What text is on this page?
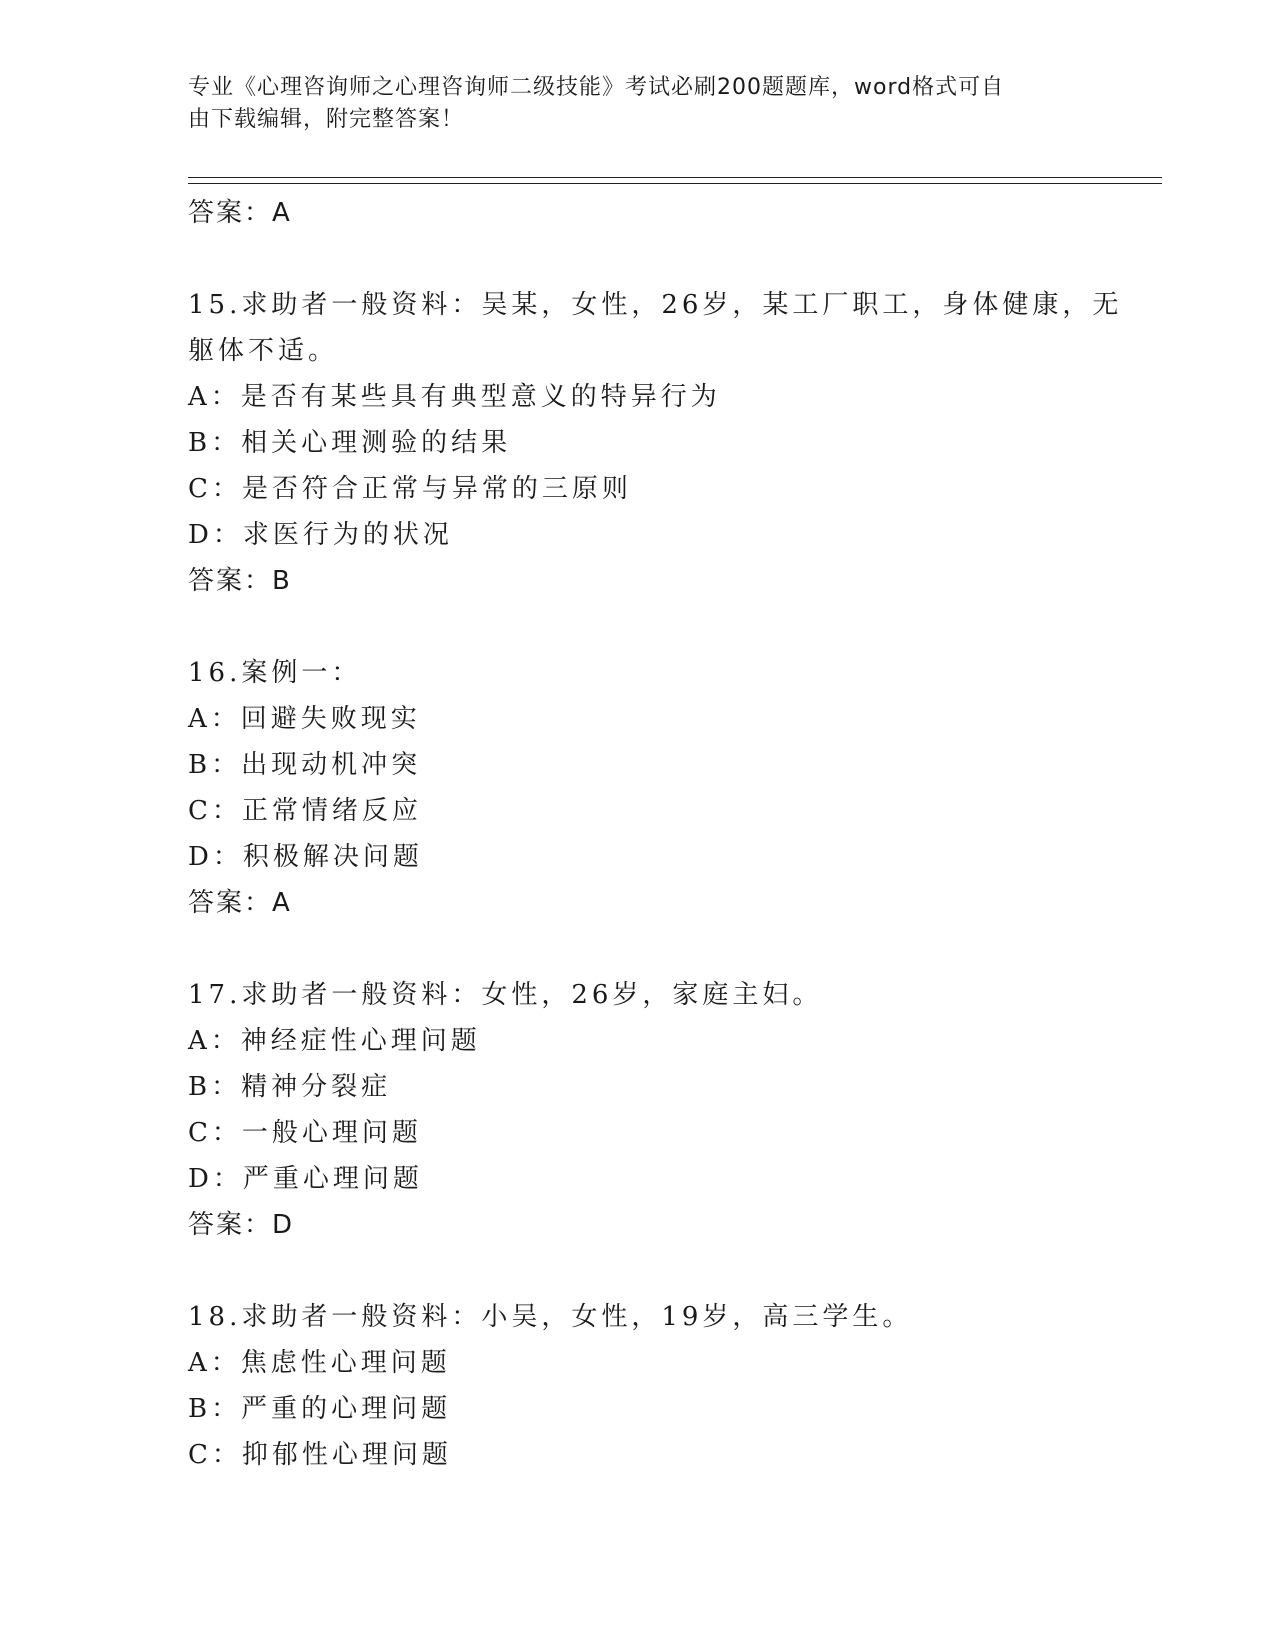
专业《心理咨询师之心理咨询师二级技能》考试必刷200题题库，word格式可自
由下载编辑，附完整答案！
答案：A
15.求助者一般资料：吴某，女性，26岁，某工厂职工，身体健康，无
躯体不适。
A：是否有某些具有典型意义的特异行为
B：相关心理测验的结果
C：是否符合正常与异常的三原则
D：求医行为的状况
答案：B
16.案例一：
A：回避失败现实
B：出现动机冲突
C：正常情绪反应
D：积极解决问题
答案：A
17.求助者一般资料：女性，26岁，家庭主妇。
A：神经症性心理问题
B：精神分裂症
C：一般心理问题
D：严重心理问题
答案：D
18.求助者一般资料：小吴，女性，19岁，高三学生。
A：焦虑性心理问题
B：严重的心理问题
C：抑郁性心理问题
